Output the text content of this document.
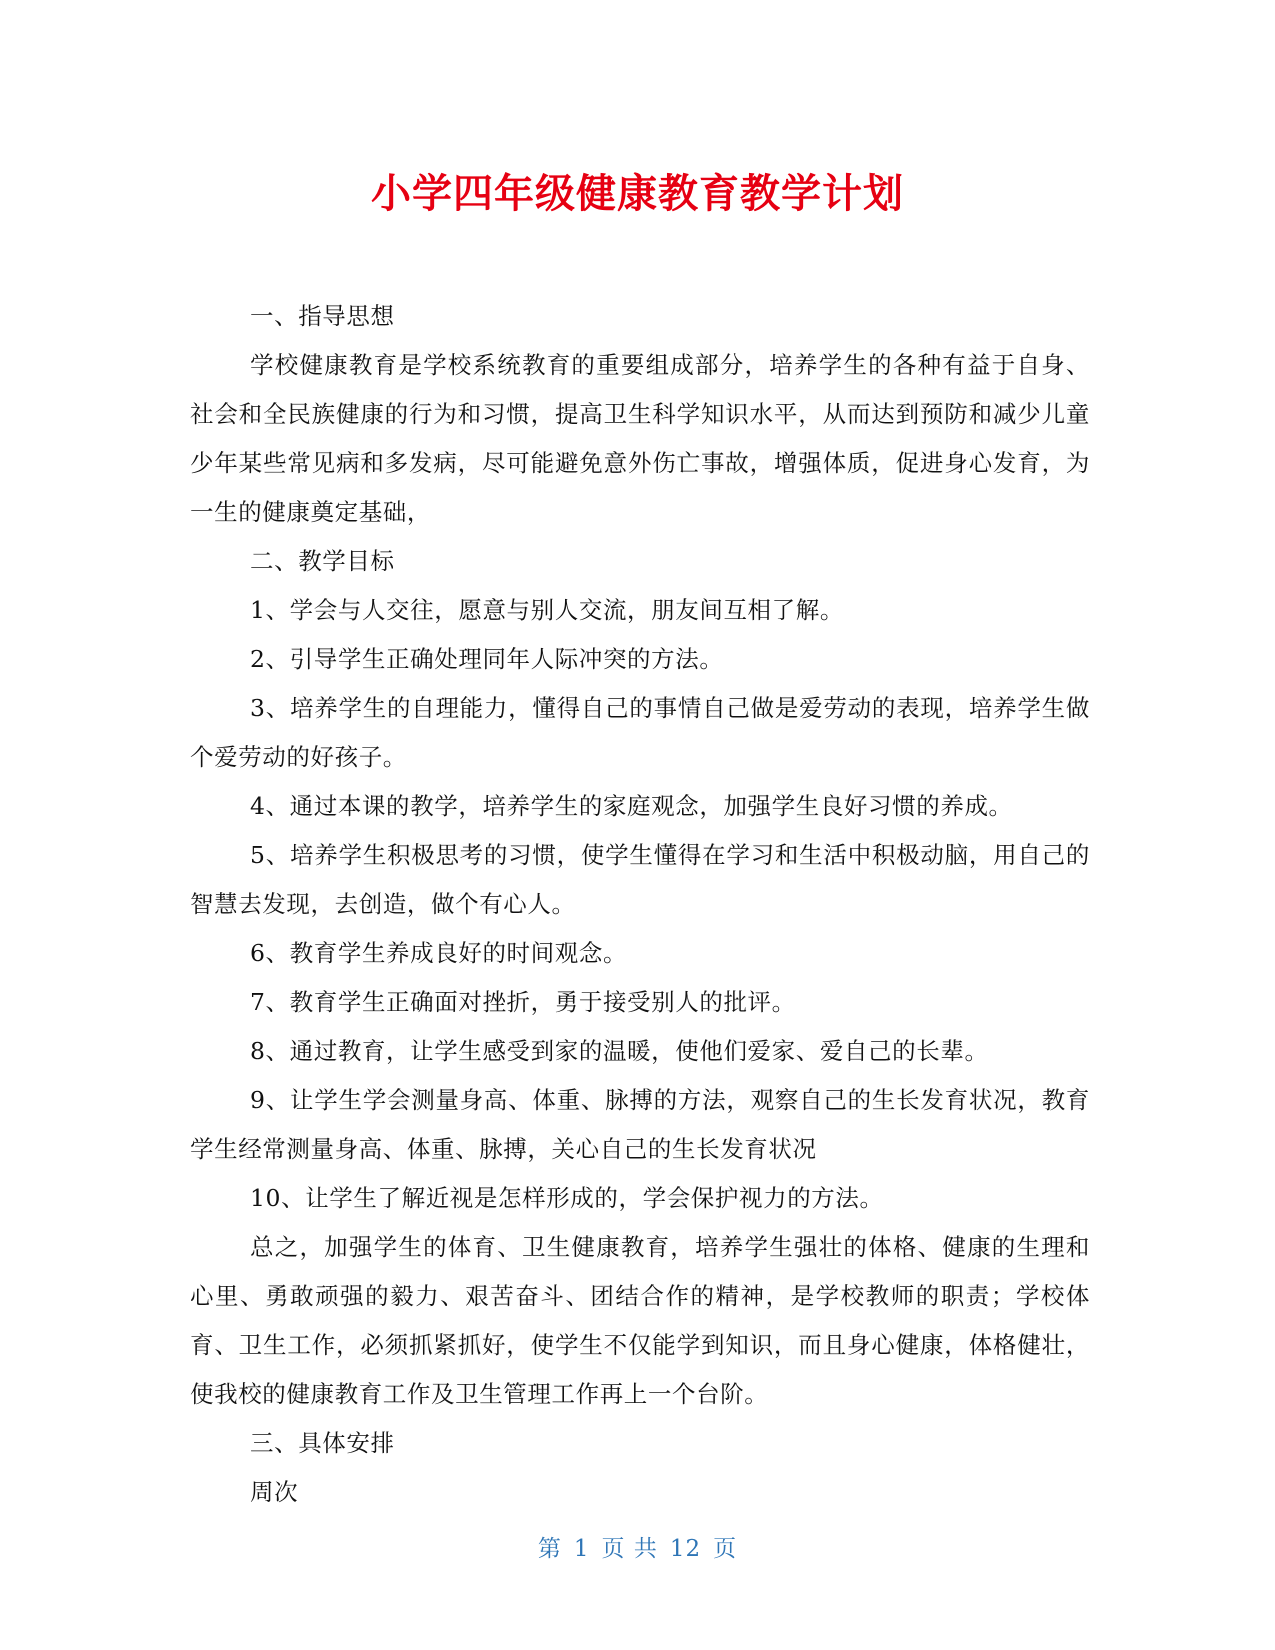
小学四年级健康教育教学计划

一、指导思想

学校健康教育是学校系统教育的重要组成部分，培养学生的各种有益于自身、社会和全民族健康的行为和习惯，提高卫生科学知识水平，从而达到预防和减少儿童少年某些常见病和多发病，尽可能避免意外伤亡事故，增强体质，促进身心发育，为一生的健康奠定基础，

二、教学目标

1、学会与人交往，愿意与别人交流，朋友间互相了解。

2、引导学生正确处理同年人际冲突的方法。

3、培养学生的自理能力，懂得自己的事情自己做是爱劳动的表现，培养学生做个爱劳动的好孩子。

4、通过本课的教学，培养学生的家庭观念，加强学生良好习惯的养成。

5、培养学生积极思考的习惯，使学生懂得在学习和生活中积极动脑，用自己的智慧去发现，去创造，做个有心人。

6、教育学生养成良好的时间观念。

7、教育学生正确面对挫折，勇于接受别人的批评。

8、通过教育，让学生感受到家的温暖，使他们爱家、爱自己的长辈。

9、让学生学会测量身高、体重、脉搏的方法，观察自己的生长发育状况，教育学生经常测量身高、体重、脉搏，关心自己的生长发育状况

10、让学生了解近视是怎样形成的，学会保护视力的方法。

总之，加强学生的体育、卫生健康教育，培养学生强壮的体格、健康的生理和心里、勇敢顽强的毅力、艰苦奋斗、团结合作的精神，是学校教师的职责；学校体育、卫生工作，必须抓紧抓好，使学生不仅能学到知识，而且身心健康，体格健壮，使我校的健康教育工作及卫生管理工作再上一个台阶。

三、具体安排

周次

第 1 页 共 12 页
